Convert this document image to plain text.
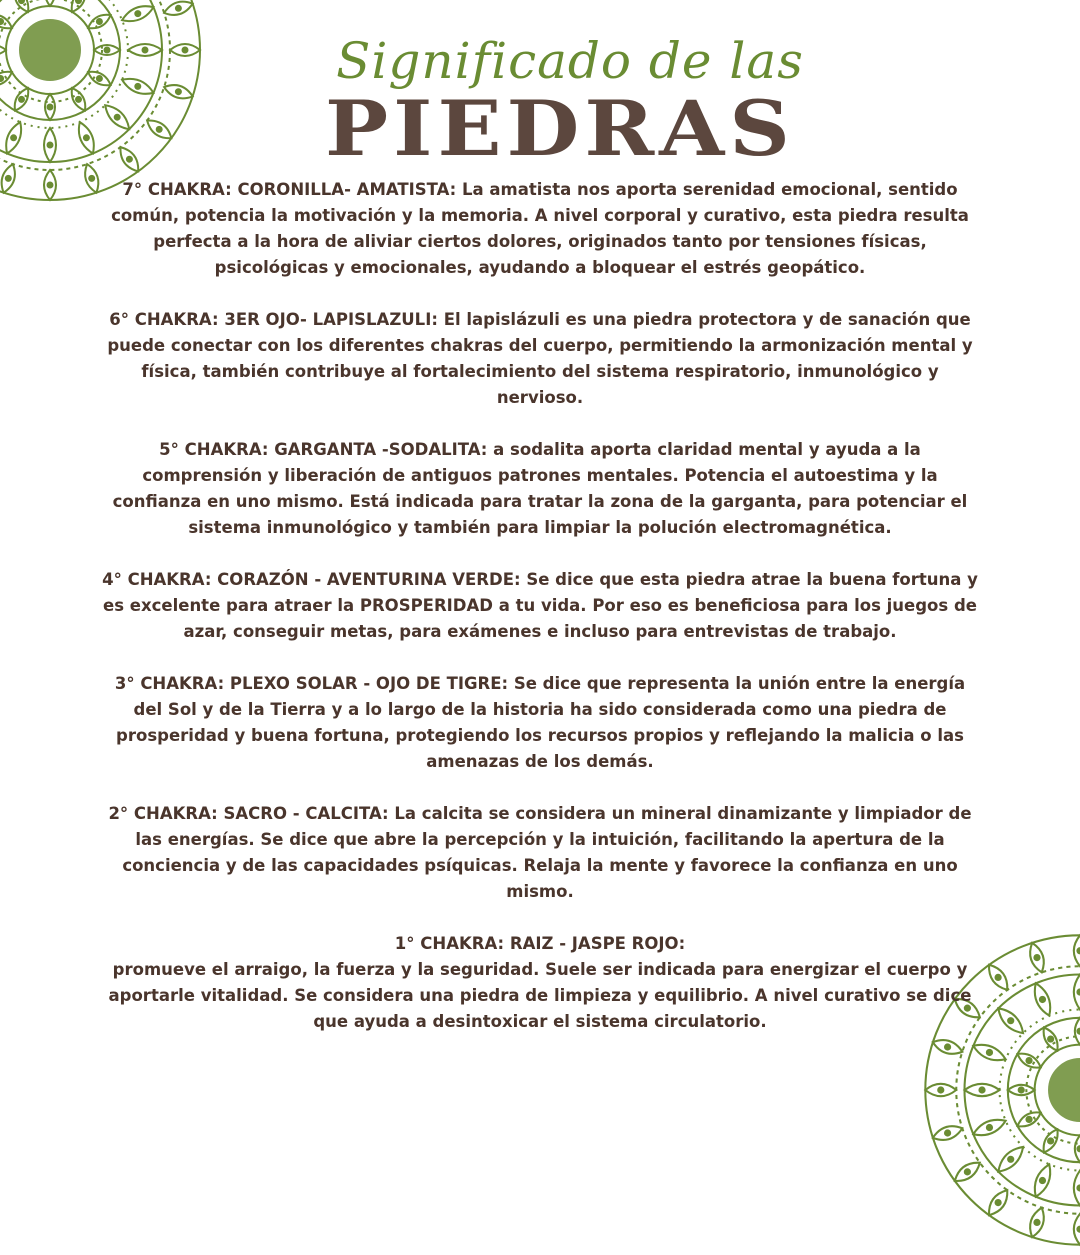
Significado de las
PIEDRAS

7° CHAKRA: CORONILLA- AMATISTA: La amatista nos aporta serenidad emocional, sentido común, potencia la motivación y la memoria. A nivel corporal y curativo, esta piedra resulta perfecta a la hora de aliviar ciertos dolores, originados tanto por tensiones físicas, psicológicas y emocionales, ayudando a bloquear el estrés geopático.

6° CHAKRA: 3ER OJO- LAPISLAZULI: El lapislázuli es una piedra protectora y de sanación que puede conectar con los diferentes chakras del cuerpo, permitiendo la armonización mental y física, también contribuye al fortalecimiento del sistema respiratorio, inmunológico y nervioso.

5° CHAKRA: GARGANTA -SODALITA: a sodalita aporta claridad mental y ayuda a la comprensión y liberación de antiguos patrones mentales. Potencia el autoestima y la confianza en uno mismo. Está indicada para tratar la zona de la garganta, para potenciar el sistema inmunológico y también para limpiar la polución electromagnética.

4° CHAKRA: CORAZÓN - AVENTURINA VERDE: Se dice que esta piedra atrae la buena fortuna y es excelente para atraer la PROSPERIDAD a tu vida. Por eso es beneficiosa para los juegos de azar, conseguir metas, para exámenes e incluso para entrevistas de trabajo.

3° CHAKRA: PLEXO SOLAR - OJO DE TIGRE: Se dice que representa la unión entre la energía del Sol y de la Tierra y a lo largo de la historia ha sido considerada como una piedra de prosperidad y buena fortuna, protegiendo los recursos propios y reflejando la malicia o las amenazas de los demás.

2° CHAKRA: SACRO - CALCITA: La calcita se considera un mineral dinamizante y limpiador de las energías. Se dice que abre la percepción y la intuición, facilitando la apertura de la conciencia y de las capacidades psíquicas. Relaja la mente y favorece la confianza en uno mismo.

1° CHAKRA: RAIZ - JASPE ROJO:
promueve el arraigo, la fuerza y la seguridad. Suele ser indicada para energizar el cuerpo y aportarle vitalidad. Se considera una piedra de limpieza y equilibrio. A nivel curativo se dice que ayuda a desintoxicar el sistema circulatorio.
